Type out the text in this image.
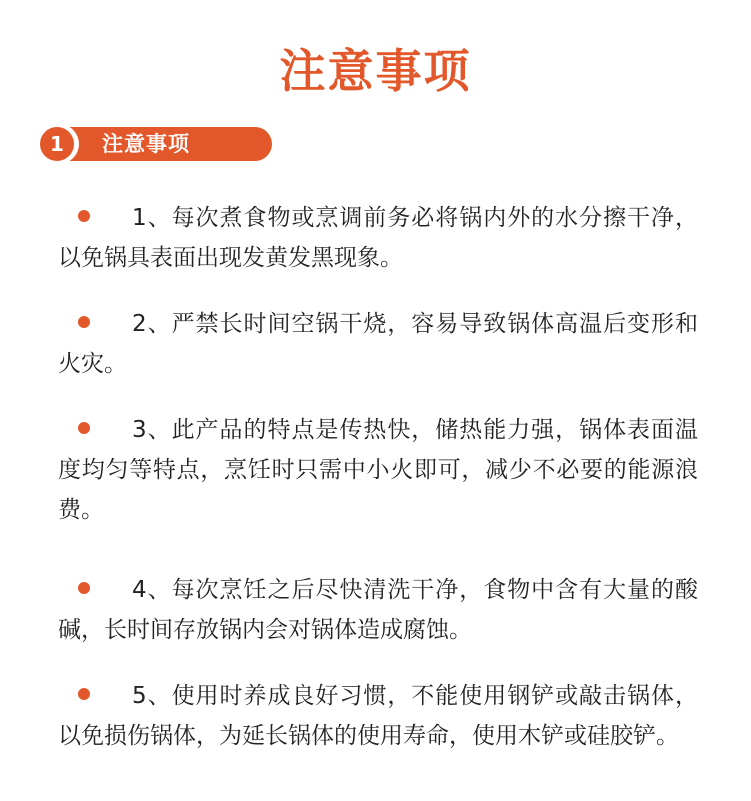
注意事项
1	注意事项
1、每次煮食物或烹调前务必将锅内外的水分擦干净，以免锅具表面出现发黄发黑现象。
2、严禁长时间空锅干烧，容易导致锅体高温后变形和火灾。
3、此产品的特点是传热快，储热能力强，锅体表面温度均匀等特点，烹饪时只需中小火即可，减少不必要的能源浪费。
4、每次烹饪之后尽快清洗干净，食物中含有大量的酸碱，长时间存放锅内会对锅体造成腐蚀。
5、使用时养成良好习惯，不能使用钢铲或敲击锅体，以免损伤锅体，为延长锅体的使用寿命，使用木铲或硅胶铲。
